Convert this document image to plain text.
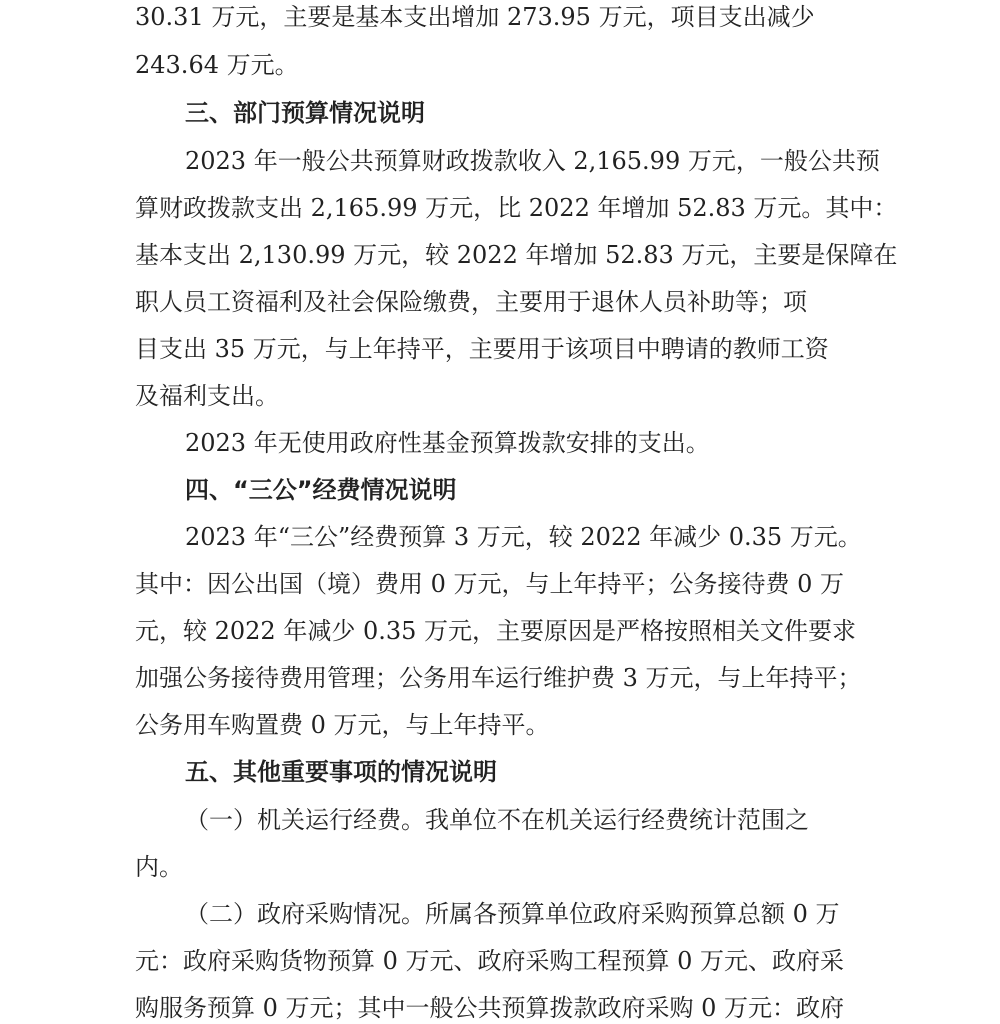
30.31 万元，主要是基本支出增加 273.95 万元，项目支出减少
243.64 万元。
三、部门预算情况说明
2023 年一般公共预算财政拨款收入 2,165.99 万元，一般公共预
算财政拨款支出 2,165.99 万元，比 2022 年增加 52.83 万元。其中：
基本支出 2,130.99 万元，较 2022 年增加 52.83 万元，主要是保障在
职人员工资福利及社会保险缴费，主要用于退休人员补助等；项
目支出 35 万元，与上年持平，主要用于该项目中聘请的教师工资
及福利支出。
2023 年无使用政府性基金预算拨款安排的支出。
四、“三公”经费情况说明
2023 年“三公”经费预算 3 万元，较 2022 年减少 0.35 万元。
其中：因公出国（境）费用 0 万元，与上年持平；公务接待费 0 万
元，较 2022 年减少 0.35 万元，主要原因是严格按照相关文件要求
加强公务接待费用管理；公务用车运行维护费 3 万元，与上年持平；
公务用车购置费 0 万元，与上年持平。
五、其他重要事项的情况说明
（一）机关运行经费。我单位不在机关运行经费统计范围之
内。
（二）政府采购情况。所属各预算单位政府采购预算总额 0 万
元：政府采购货物预算 0 万元、政府采购工程预算 0 万元、政府采
购服务预算 0 万元；其中一般公共预算拨款政府采购 0 万元：政府
